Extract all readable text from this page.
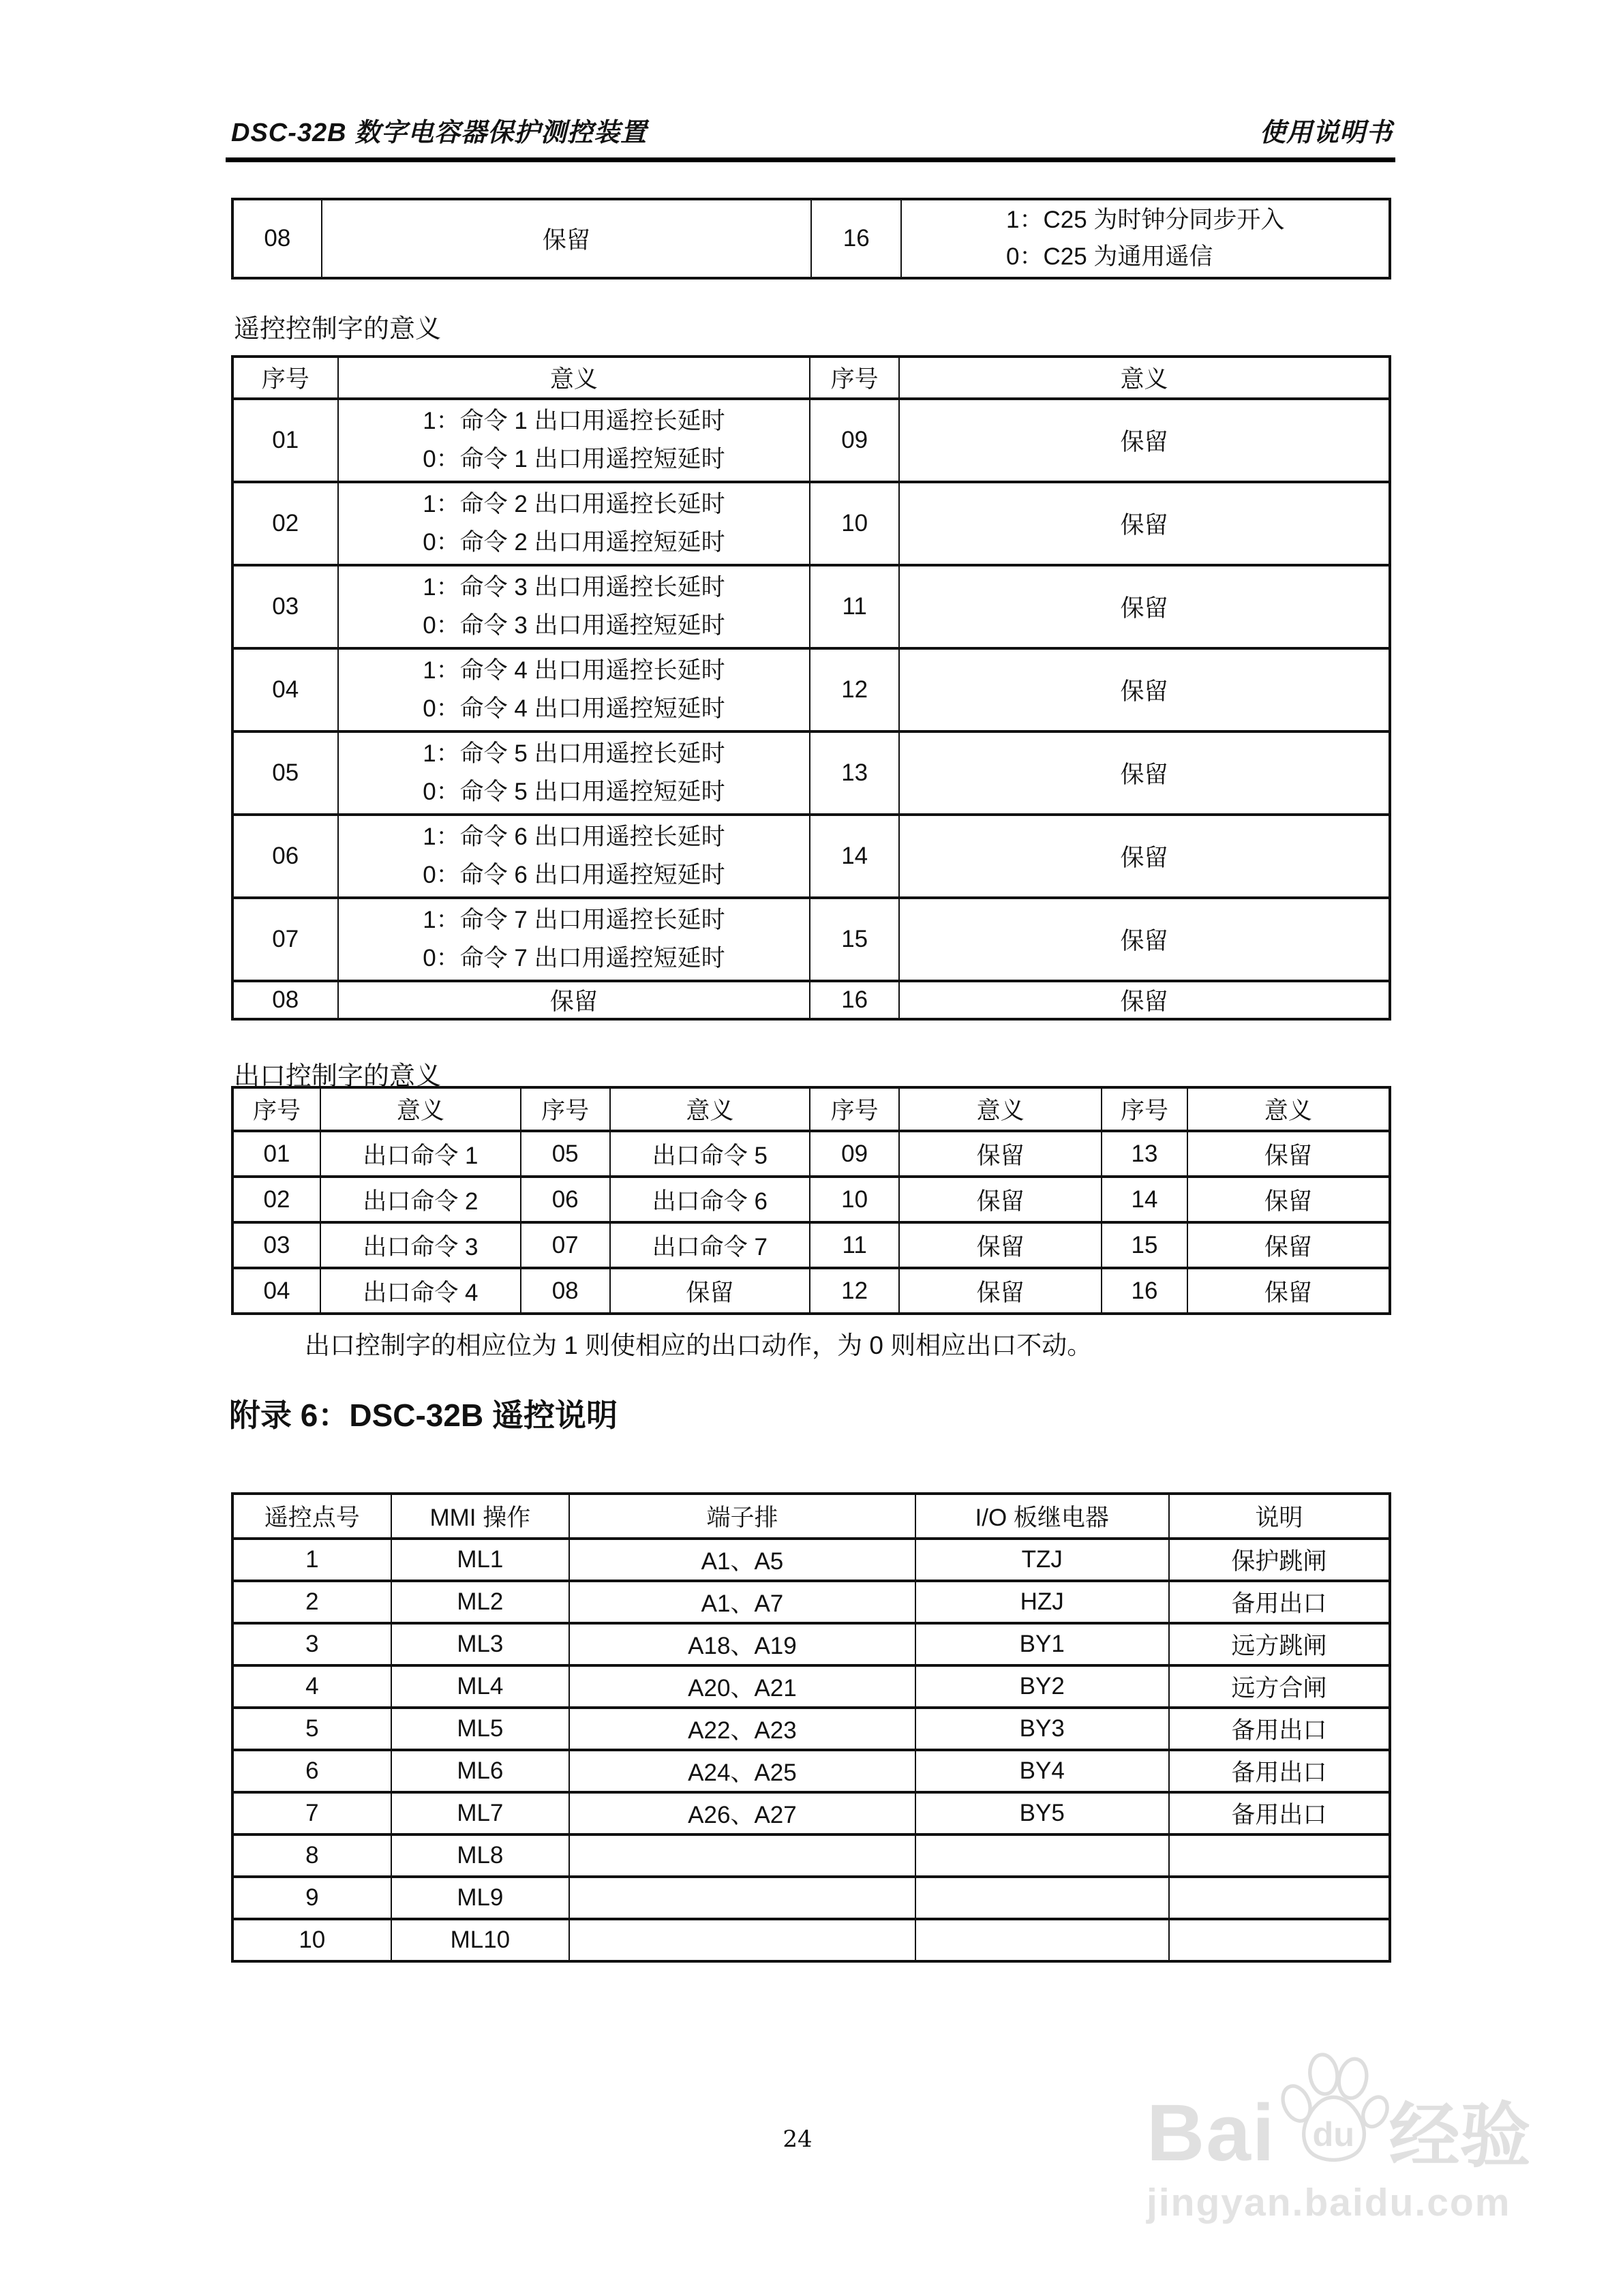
DSC-32B 数字电容器保护测控装置	使用说明书
08	保留	16	
1：C25 为时钟分同步开入
0：C25 为通用遥信
遥控控制字的意义
序号	意义	序号	意义
01	1：命令 1 出口用遥控长延时
0：命令 1 出口用遥控短延时	09	保留
02	1：命令 2 出口用遥控长延时
0：命令 2 出口用遥控短延时	10	保留
03	1：命令 3 出口用遥控长延时
0：命令 3 出口用遥控短延时	11	保留
04	1：命令 4 出口用遥控长延时
0：命令 4 出口用遥控短延时	12	保留
05	1：命令 5 出口用遥控长延时
0：命令 5 出口用遥控短延时	13	保留
06	1：命令 6 出口用遥控长延时
0：命令 6 出口用遥控短延时	14	保留
07	1：命令 7 出口用遥控长延时
0：命令 7 出口用遥控短延时	15	保留
08	保留	16	保留
出口控制字的意义
序号	意义	序号	意义	序号	意义	序号	意义
01	出口命令 1	05	出口命令 5	09	保留	13	保留
02	出口命令 2	06	出口命令 6	10	保留	14	保留
03	出口命令 3	07	出口命令 7	11	保留	15	保留
04	出口命令 4	08	保留	12	保留	16	保留
出口控制字的相应位为 1 则使相应的出口动作，为 0 则相应出口不动。
附录 6：DSC-32B 遥控说明
遥控点号	MMI 操作	端子排	I/O 板继电器	说明
1	ML1	A1、A5	TZJ	保护跳闸
2	ML2	A1、A7	HZJ	备用出口
3	ML3	A18、A19	BY1	远方跳闸
4	ML4	A20、A21	BY2	远方合闸
5	ML5	A22、A23	BY3	备用出口
6	ML6	A24、A25	BY4	备用出口
7	ML7	A26、A27	BY5	备用出口
8	ML8			
9	ML9			
10	ML10			
24	Bai du 经验
jingyan.baidu.com
